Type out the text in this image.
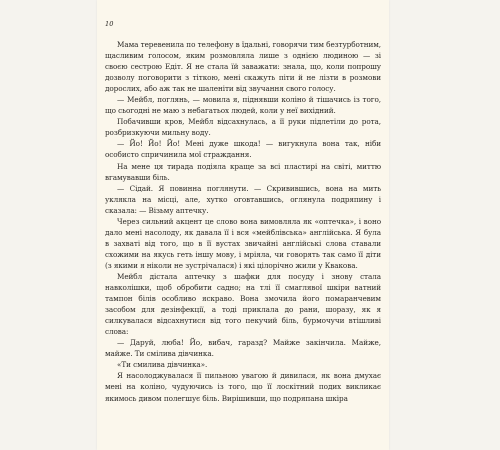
10

Мама теревенила по телефону в їдальні, говорячи тим безтурботним, щасливим голосом, яким розмовляла лише з однією людиною — зі своєю сестрою Едіт. Я не стала їй заважати: знала, що, коли попрошу дозволу поговорити з тіткою, мені скажуть піти й не лізти в розмови дорослих, або аж так не шаленіти від звучання свого голосу.

— Мейбл, поглянь, — мовила я, піднявши коліно й тішачись із того, що сьогодні не маю з небагатьох людей, коли у неї вихідний.

Побачивши кров, Мейбл відсахнулась, а її руки підлетіли до рота, розбризкуючи мильну воду.

— Йо! Йо! Йо! Мені дуже шкода! — вигукнула вона так, ніби особисто спричинила мої страждання.

На мене ця тирада подіяла краще за всі пластирі на світі, миттю вгамувавши біль.

— Сідай. Я повинна поглянути. — Скривившись, вона на мить уклякла на місці, але, хутко оговтавшись, оглянула подряпину і сказала: — Візьму аптечку.

Через сильний акцент це слово вона вимовляла як «оптечка», і воно дало мені насолоду, як давала її і вся «мейблівська» англійська. Я була в захваті від того, що в її вустах звичайні англійські слова ставали схожими на якусь геть іншу мову, і мріяла, чи говорять так само її діти (з якими я ніколи не зустрічалася) і які цілорічно жили у Квакова.

Мейбл дістала аптечку з шафки для посуду і знову стала навколішки, щоб обробити садно; на тлі її смаглявої шкіри ватний тампон білів особливо яскраво. Вона змочила його помаранчевим засобом для дезінфекції, а тоді приклала до рани, шоразу, як я силкувалася відсахнутися від того пекучий біль, бурмочучи втішливі слова:

— Даруй, люба! Йо, вибач, гаразд? Майже закінчила. Майже, майже. Ти смілива дівчинка.

«Ти смилива дівчинка».

Я насолоджувалася її пильною увагою й дивилася, як вона дмухає мені на коліно, чудуючись із того, що її лоскітний подих викликає якимось дивом полегшує біль. Вирішивши, що подряпана шкіра
